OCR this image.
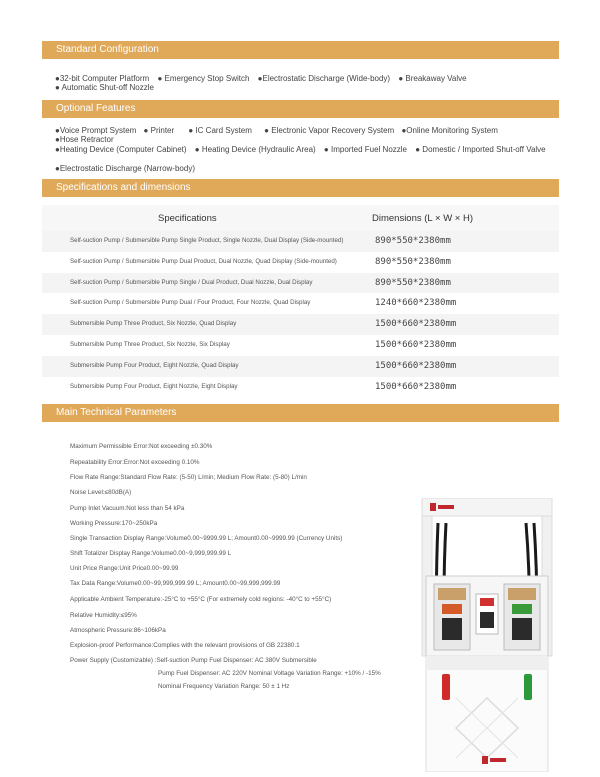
Standard Configuration
●32-bit Computer Platform ● Emergency Stop Switch ●Electrostatic Discharge (Wide-body) ● Breakaway Valve ● Automatic Shut-off Nozzle
Optional Features
●Voice Prompt System ● Printer ● IC Card System ● Electronic Vapor Recovery System ●Online Monitoring System ●Hose Retractor
●Heating Device (Computer Cabinet) ● Heating Device (Hydraulic Area) ● Imported Fuel Nozzle ● Domestic / Imported Shut-off Valve
●Electrostatic Discharge (Narrow-body)
Specifications and dimensions
Specifications	Dimensions (L × W × H)
Self-suction Pump / Submersible Pump Single Product, Single Nozzle, Dual Display (Side-mounted)	890*550*2380mm
Self-suction Pump / Submersible Pump Dual Product, Dual Nozzle, Quad Display (Side-mounted)	890*550*2380mm
Self-suction Pump / Submersible Pump Single / Dual Product, Dual Nozzle, Dual Display	890*550*2380mm
Self-suction Pump / Submersible Pump Dual / Four Product, Four Nozzle, Quad Display	1240*660*2380mm
Submersible Pump Three Product, Six Nozzle, Quad Display	1500*660*2380mm
Submersible Pump Three Product, Six Nozzle, Six Display	1500*660*2380mm
Submersible Pump Four Product, Eight Nozzle, Quad Display	1500*660*2380mm
Submersible Pump Four Product, Eight Nozzle, Eight Display	1500*660*2380mm
Main Technical Parameters
Maximum Permissible Error:Not exceeding ±0.30%
Repeatability Error:Error:Not exceeding 0.10%
Flow Rate Range:Standard Flow Rate: (5-50) L/min; Medium Flow Rate: (5-80) L/min
Noise Level:≤80dB(A)
Pump Inlet Vacuum:Not less than 54 kPa
Working Pressure:170~250kPa
Single Transaction Display Range:Volume0.00~9999.99 L; Amount0.00~9999.99 (Currency Units)
Shift Totalizer Display Range:Volume0.00~9,999,999.99 L
Unit Price Range:Unit Price0.00~99.99
Tax Data Range:Volume0.00~99,999,999.99 L; Amount0.00~99,999,999.99
Applicable Ambient Temperature:-25°C to +55°C (For extremely cold regions: -40°C to +55°C)
Relative Humidity:≤95%
Atmospheric Pressure:86~106kPa
Explosion-proof Performance:Complies with the relevant provisions of GB 22380.1
Power Supply (Customizable) :Self-suction Pump Fuel Dispenser: AC 380V Submersible
Pump Fuel Dispenser: AC 220V Nominal Voltage Variation Range: +10% / -15%
Nominal Frequency Variation Range: 50 ± 1 Hz
